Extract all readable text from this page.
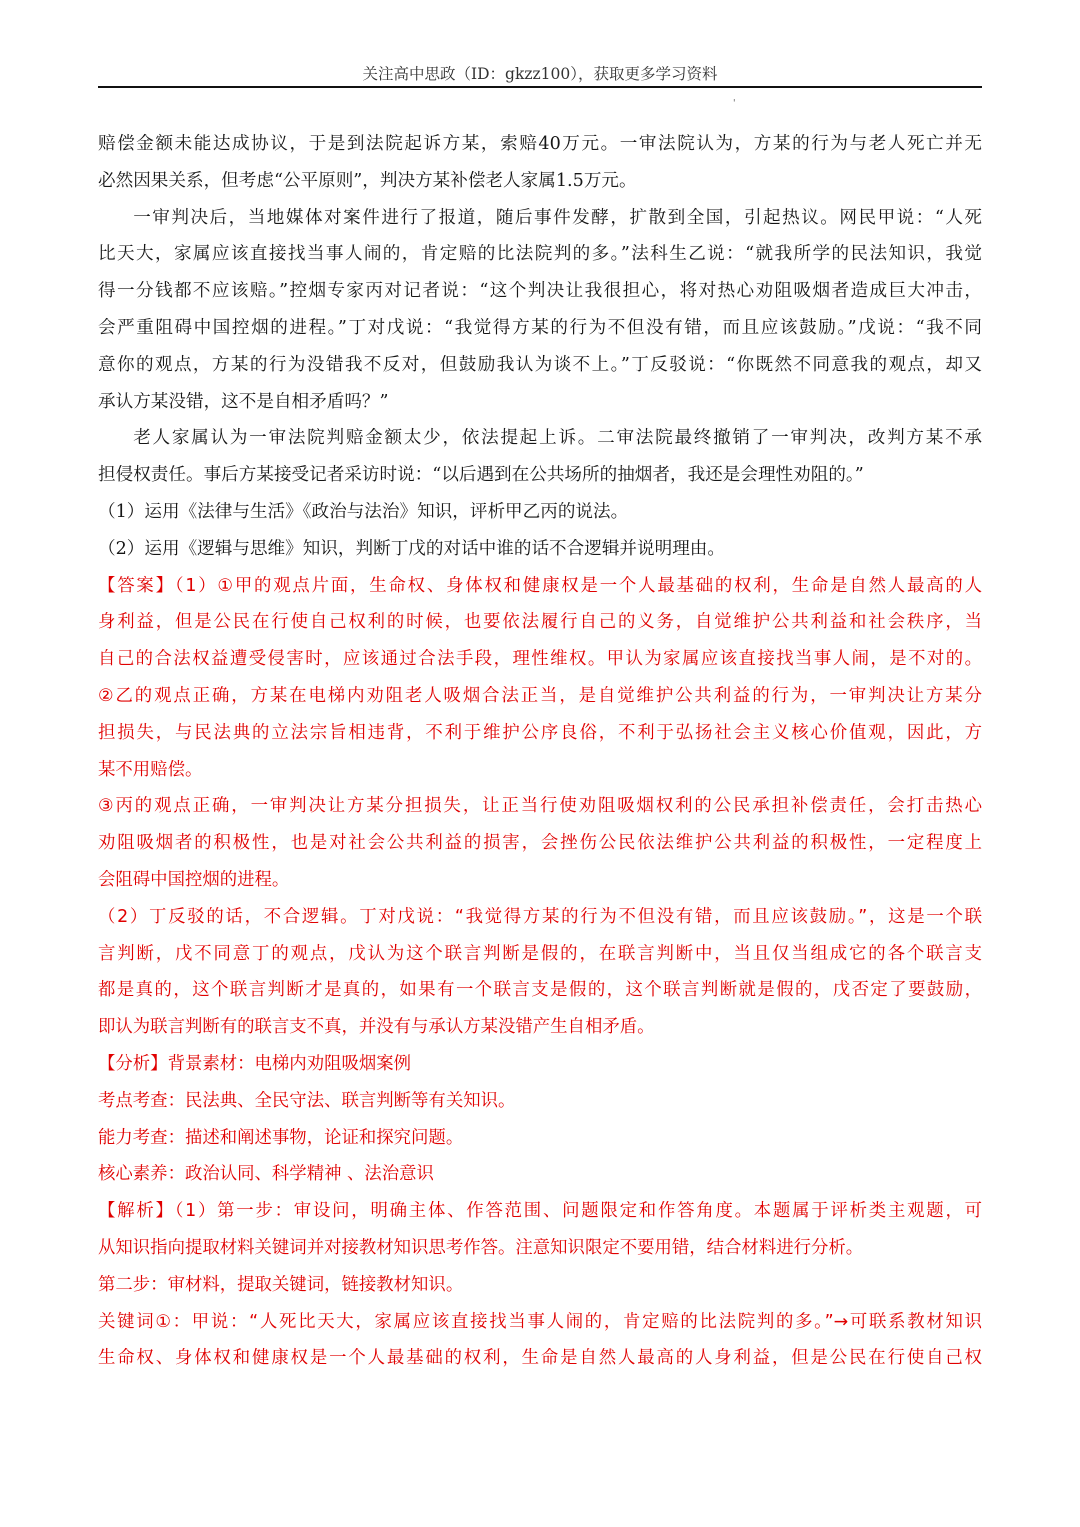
关注高中思政（ID：gkzz100），获取更多学习资料
'
赔偿金额未能达成协议，于是到法院起诉方某，索赔40万元。一审法院认为，方某的行为与老人死亡并无
必然因果关系，但考虑“公平原则”，判决方某补偿老人家属1.5万元。
一审判决后，当地媒体对案件进行了报道，随后事件发酵，扩散到全国，引起热议。网民甲说：“人死
比天大，家属应该直接找当事人闹的，肯定赔的比法院判的多。”法科生乙说：“就我所学的民法知识，我觉
得一分钱都不应该赔。”控烟专家丙对记者说：“这个判决让我很担心，将对热心劝阻吸烟者造成巨大冲击，
会严重阻碍中国控烟的进程。”丁对戊说：“我觉得方某的行为不但没有错，而且应该鼓励。”戊说：“我不同
意你的观点，方某的行为没错我不反对，但鼓励我认为谈不上。”丁反驳说：“你既然不同意我的观点，却又
承认方某没错，这不是自相矛盾吗？”
老人家属认为一审法院判赔金额太少，依法提起上诉。二审法院最终撤销了一审判决，改判方某不承
担侵权责任。事后方某接受记者采访时说：“以后遇到在公共场所的抽烟者，我还是会理性劝阻的。”
（1）运用《法律与生活》《政治与法治》知识，评析甲乙丙的说法。
（2）运用《逻辑与思维》知识，判断丁戊的对话中谁的话不合逻辑并说明理由。
【答案】（1）①甲的观点片面，生命权、身体权和健康权是一个人最基础的权利，生命是自然人最高的人
身利益，但是公民在行使自己权利的时候，也要依法履行自己的义务，自觉维护公共利益和社会秩序，当
自己的合法权益遭受侵害时，应该通过合法手段，理性维权。甲认为家属应该直接找当事人闹，是不对的。
②乙的观点正确，方某在电梯内劝阻老人吸烟合法正当，是自觉维护公共利益的行为，一审判决让方某分
担损失，与民法典的立法宗旨相违背，不利于维护公序良俗，不利于弘扬社会主义核心价值观，因此，方
某不用赔偿。
③丙的观点正确，一审判决让方某分担损失，让正当行使劝阻吸烟权利的公民承担补偿责任，会打击热心
劝阻吸烟者的积极性，也是对社会公共利益的损害，会挫伤公民依法维护公共利益的积极性，一定程度上
会阻碍中国控烟的进程。
（2）丁反驳的话，不合逻辑。丁对戊说：“我觉得方某的行为不但没有错，而且应该鼓励。”，这是一个联
言判断，戊不同意丁的观点，戊认为这个联言判断是假的，在联言判断中，当且仅当组成它的各个联言支
都是真的，这个联言判断才是真的，如果有一个联言支是假的，这个联言判断就是假的，戊否定了要鼓励，
即认为联言判断有的联言支不真，并没有与承认方某没错产生自相矛盾。
【分析】背景素材：电梯内劝阻吸烟案例
考点考查：民法典、全民守法、联言判断等有关知识。
能力考查：描述和阐述事物，论证和探究问题。
核心素养：政治认同、科学精神 、法治意识
【解析】（1）第一步：审设问，明确主体、作答范围、问题限定和作答角度。本题属于评析类主观题，可
从知识指向提取材料关键词并对接教材知识思考作答。注意知识限定不要用错，结合材料进行分析。
第二步：审材料，提取关键词，链接教材知识。
关键词①：甲说：“人死比天大，家属应该直接找当事人闹的，肯定赔的比法院判的多。”→可联系教材知识
生命权、身体权和健康权是一个人最基础的权利，生命是自然人最高的人身利益，但是公民在行使自己权
